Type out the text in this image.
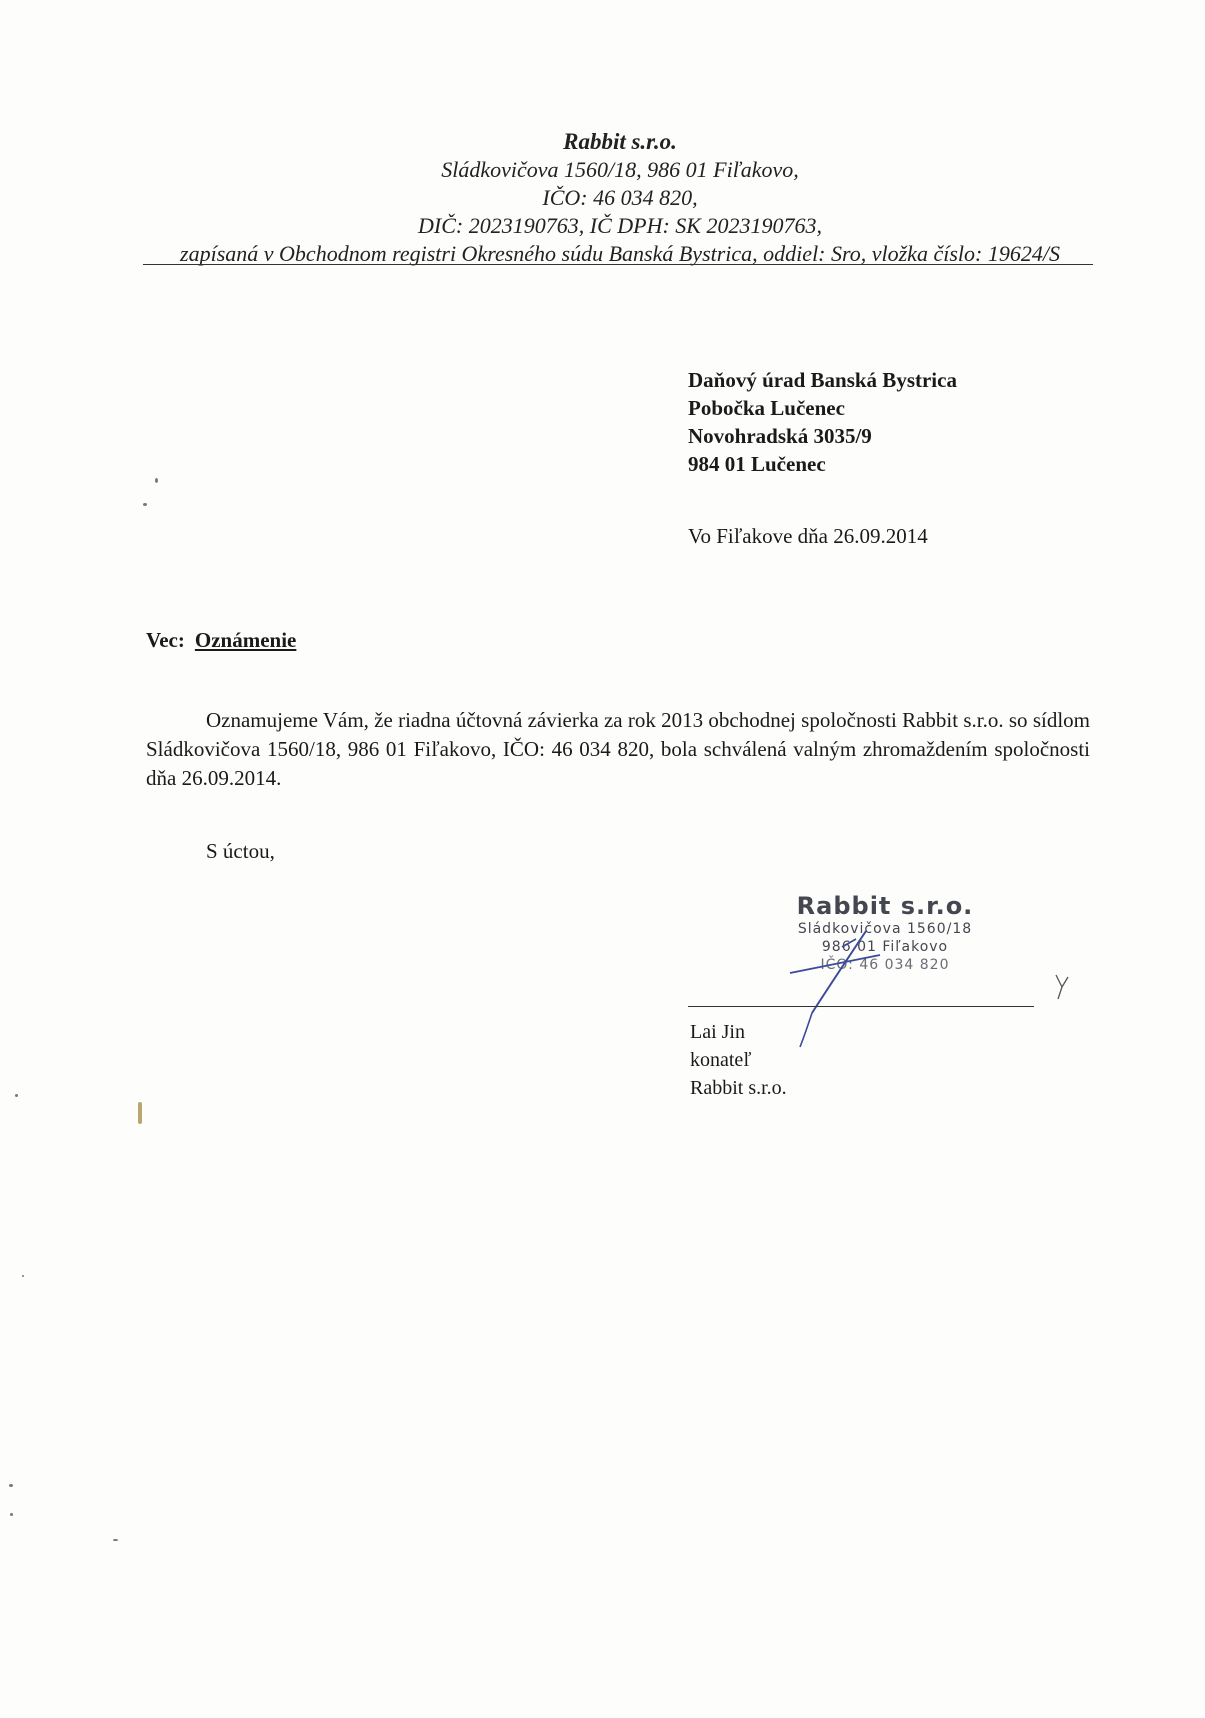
Rabbit s.r.o.
Sládkovičova 1560/18, 986 01 Fiľakovo,
IČO: 46 034 820,
DIČ: 2023190763, IČ DPH: SK 2023190763,
zapísaná v Obchodnom registri Okresného súdu Banská Bystrica, oddiel: Sro, vložka číslo: 19624/S
Daňový úrad Banská Bystrica
Pobočka Lučenec
Novohradská 3035/9
984 01 Lučenec
Vo Fiľakove dňa 26.09.2014
Vec: Oznámenie
Oznamujeme Vám, že riadna účtovná závierka za rok 2013 obchodnej spoločnosti Rabbit s.r.o. so sídlom Sládkovičova 1560/18, 986 01 Fiľakovo, IČO: 46 034 820, bola schválená valným zhromaždením spoločnosti dňa 26.09.2014.
S úctou,
Rabbit s.r.o.
Sládkovičova 1560/18
986 01 Fiľakovo
IČO: 46 034 820
Lai Jin
konateľ
Rabbit s.r.o.
